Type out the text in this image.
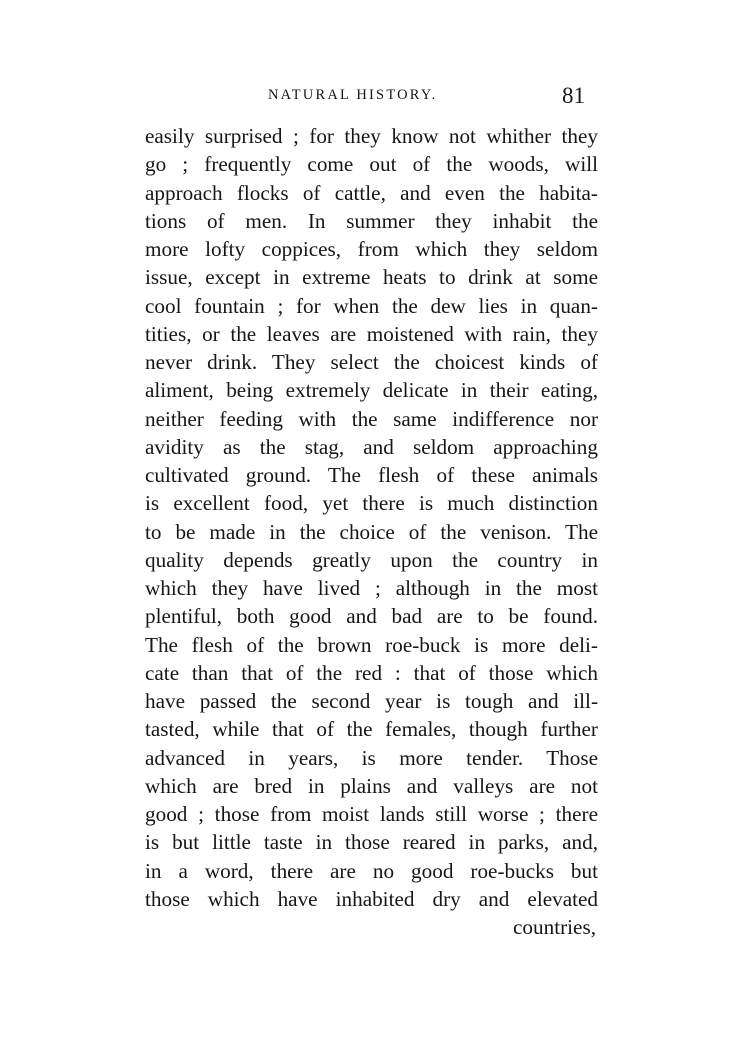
NATURAL HISTORY.	81
easily surprised ; for they know not whither they
go ; frequently come out of the woods, will
approach flocks of cattle, and even the habita-
tions of men. In summer they inhabit the
more lofty coppices, from which they seldom
issue, except in extreme heats to drink at some
cool fountain ; for when the dew lies in quan-
tities, or the leaves are moistened with rain, they
never drink. They select the choicest kinds of
aliment, being extremely delicate in their eating,
neither feeding with the same indifference nor
avidity as the stag, and seldom approaching
cultivated ground. The flesh of these animals
is excellent food, yet there is much distinction
to be made in the choice of the venison. The
quality depends greatly upon the country in
which they have lived ; although in the most
plentiful, both good and bad are to be found.
The flesh of the brown roe-buck is more deli-
cate than that of the red : that of those which
have passed the second year is tough and ill-
tasted, while that of the females, though further
advanced in years, is more tender. Those
which are bred in plains and valleys are not
good ; those from moist lands still worse ; there
is but little taste in those reared in parks, and,
in a word, there are no good roe-bucks but
those which have inhabited dry and elevated
countries,
